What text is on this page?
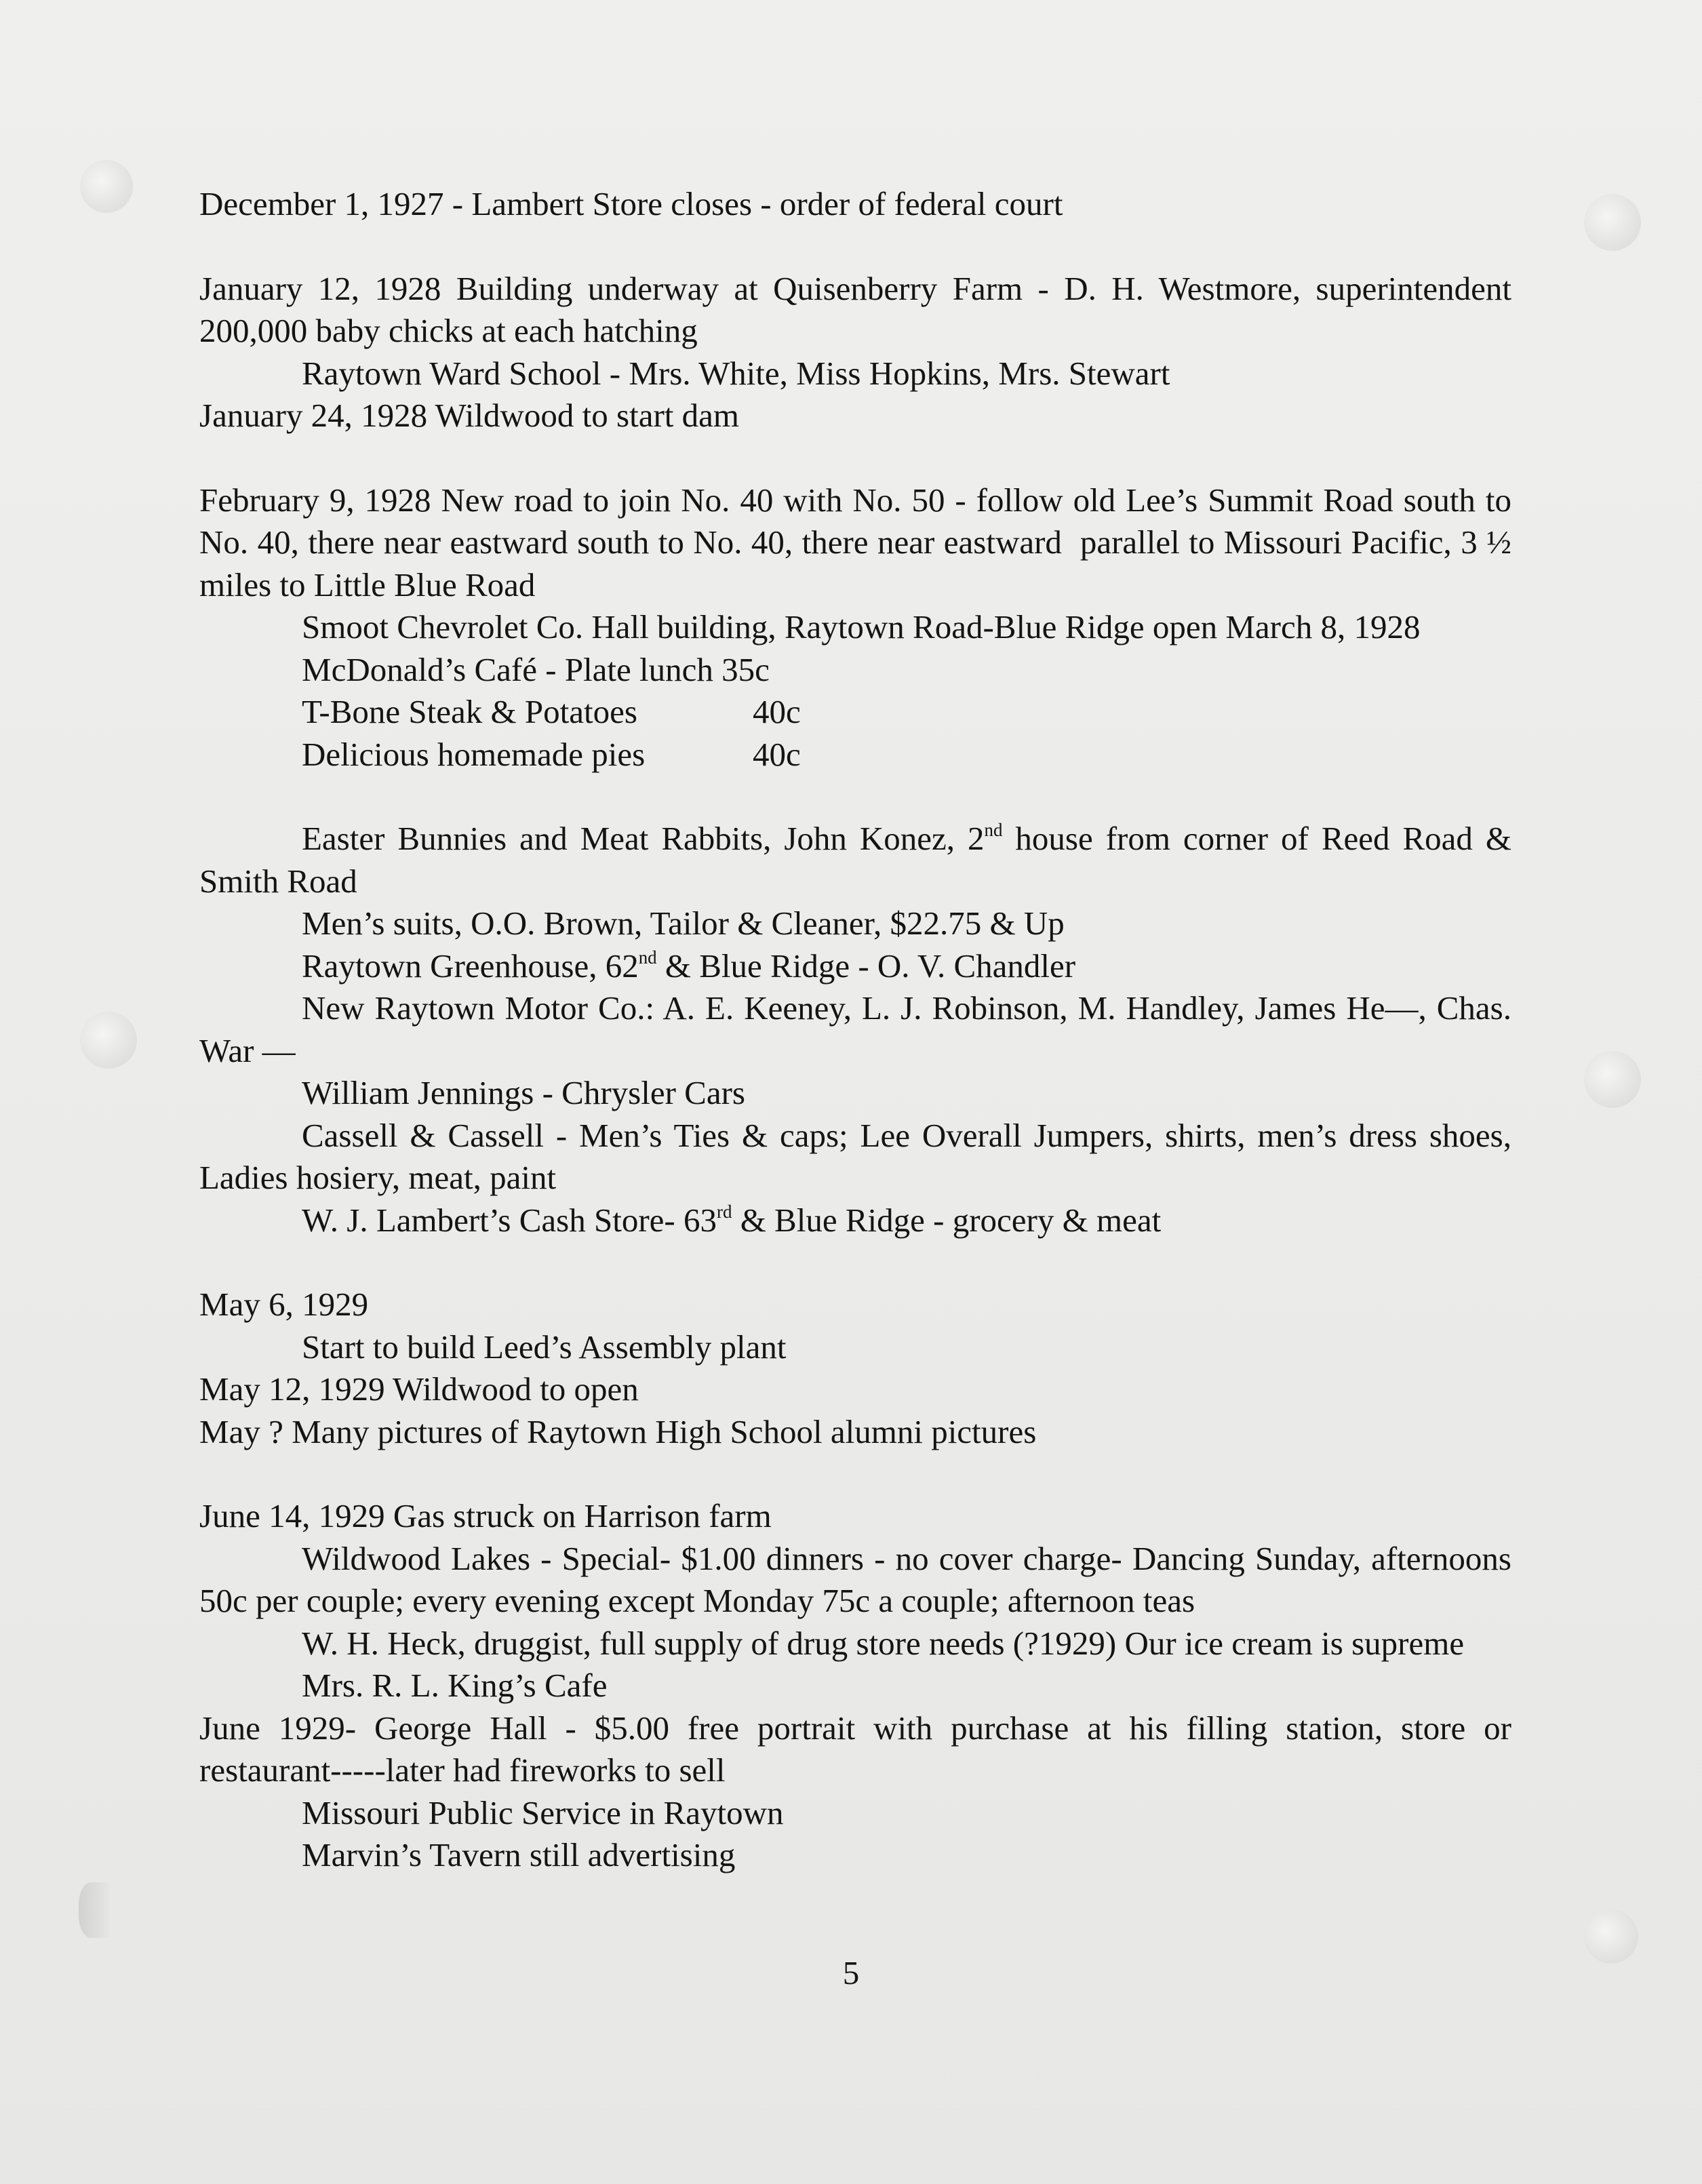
December 1, 1927 - Lambert Store closes - order of federal court
January 12, 1928 Building underway at Quisenberry Farm - D. H. Westmore, superintendent 200,000 baby chicks at each hatching
Raytown Ward School - Mrs. White, Miss Hopkins, Mrs. Stewart
January 24, 1928 Wildwood to start dam
February 9, 1928 New road to join No. 40 with No. 50 - follow old Lee’s Summit Road south to No. 40, there near eastward south to No. 40, there near eastward  parallel to Missouri Pacific, 3 ½ miles to Little Blue Road
Smoot Chevrolet Co. Hall building, Raytown Road-Blue Ridge open March 8, 1928
McDonald’s Café - Plate lunch 35c
T-Bone Steak & Potatoes	40c
Delicious homemade pies	40c
Easter Bunnies and Meat Rabbits, John Konez, 2nd house from corner of Reed Road & Smith Road
Men’s suits, O.O. Brown, Tailor & Cleaner, $22.75 & Up
Raytown Greenhouse, 62nd & Blue Ridge - O. V. Chandler
New Raytown Motor Co.: A. E. Keeney, L. J. Robinson, M. Handley, James He—, Chas. War —
William Jennings - Chrysler Cars
Cassell & Cassell - Men’s Ties & caps; Lee Overall Jumpers, shirts, men’s dress shoes, Ladies hosiery, meat, paint
W. J. Lambert’s Cash Store- 63rd & Blue Ridge - grocery & meat
May 6, 1929
Start to build Leed’s Assembly plant
May 12, 1929 Wildwood to open
May ? Many pictures of Raytown High School alumni pictures
June 14, 1929 Gas struck on Harrison farm
Wildwood Lakes - Special- $1.00 dinners - no cover charge- Dancing Sunday, afternoons 50c per couple; every evening except Monday 75c a couple; afternoon teas
W. H. Heck, druggist, full supply of drug store needs (?1929) Our ice cream is supreme
Mrs. R. L. King’s Cafe
June 1929- George Hall - $5.00 free portrait with purchase at his filling station, store or restaurant-----later had fireworks to sell
Missouri Public Service in Raytown
Marvin’s Tavern still advertising
5
